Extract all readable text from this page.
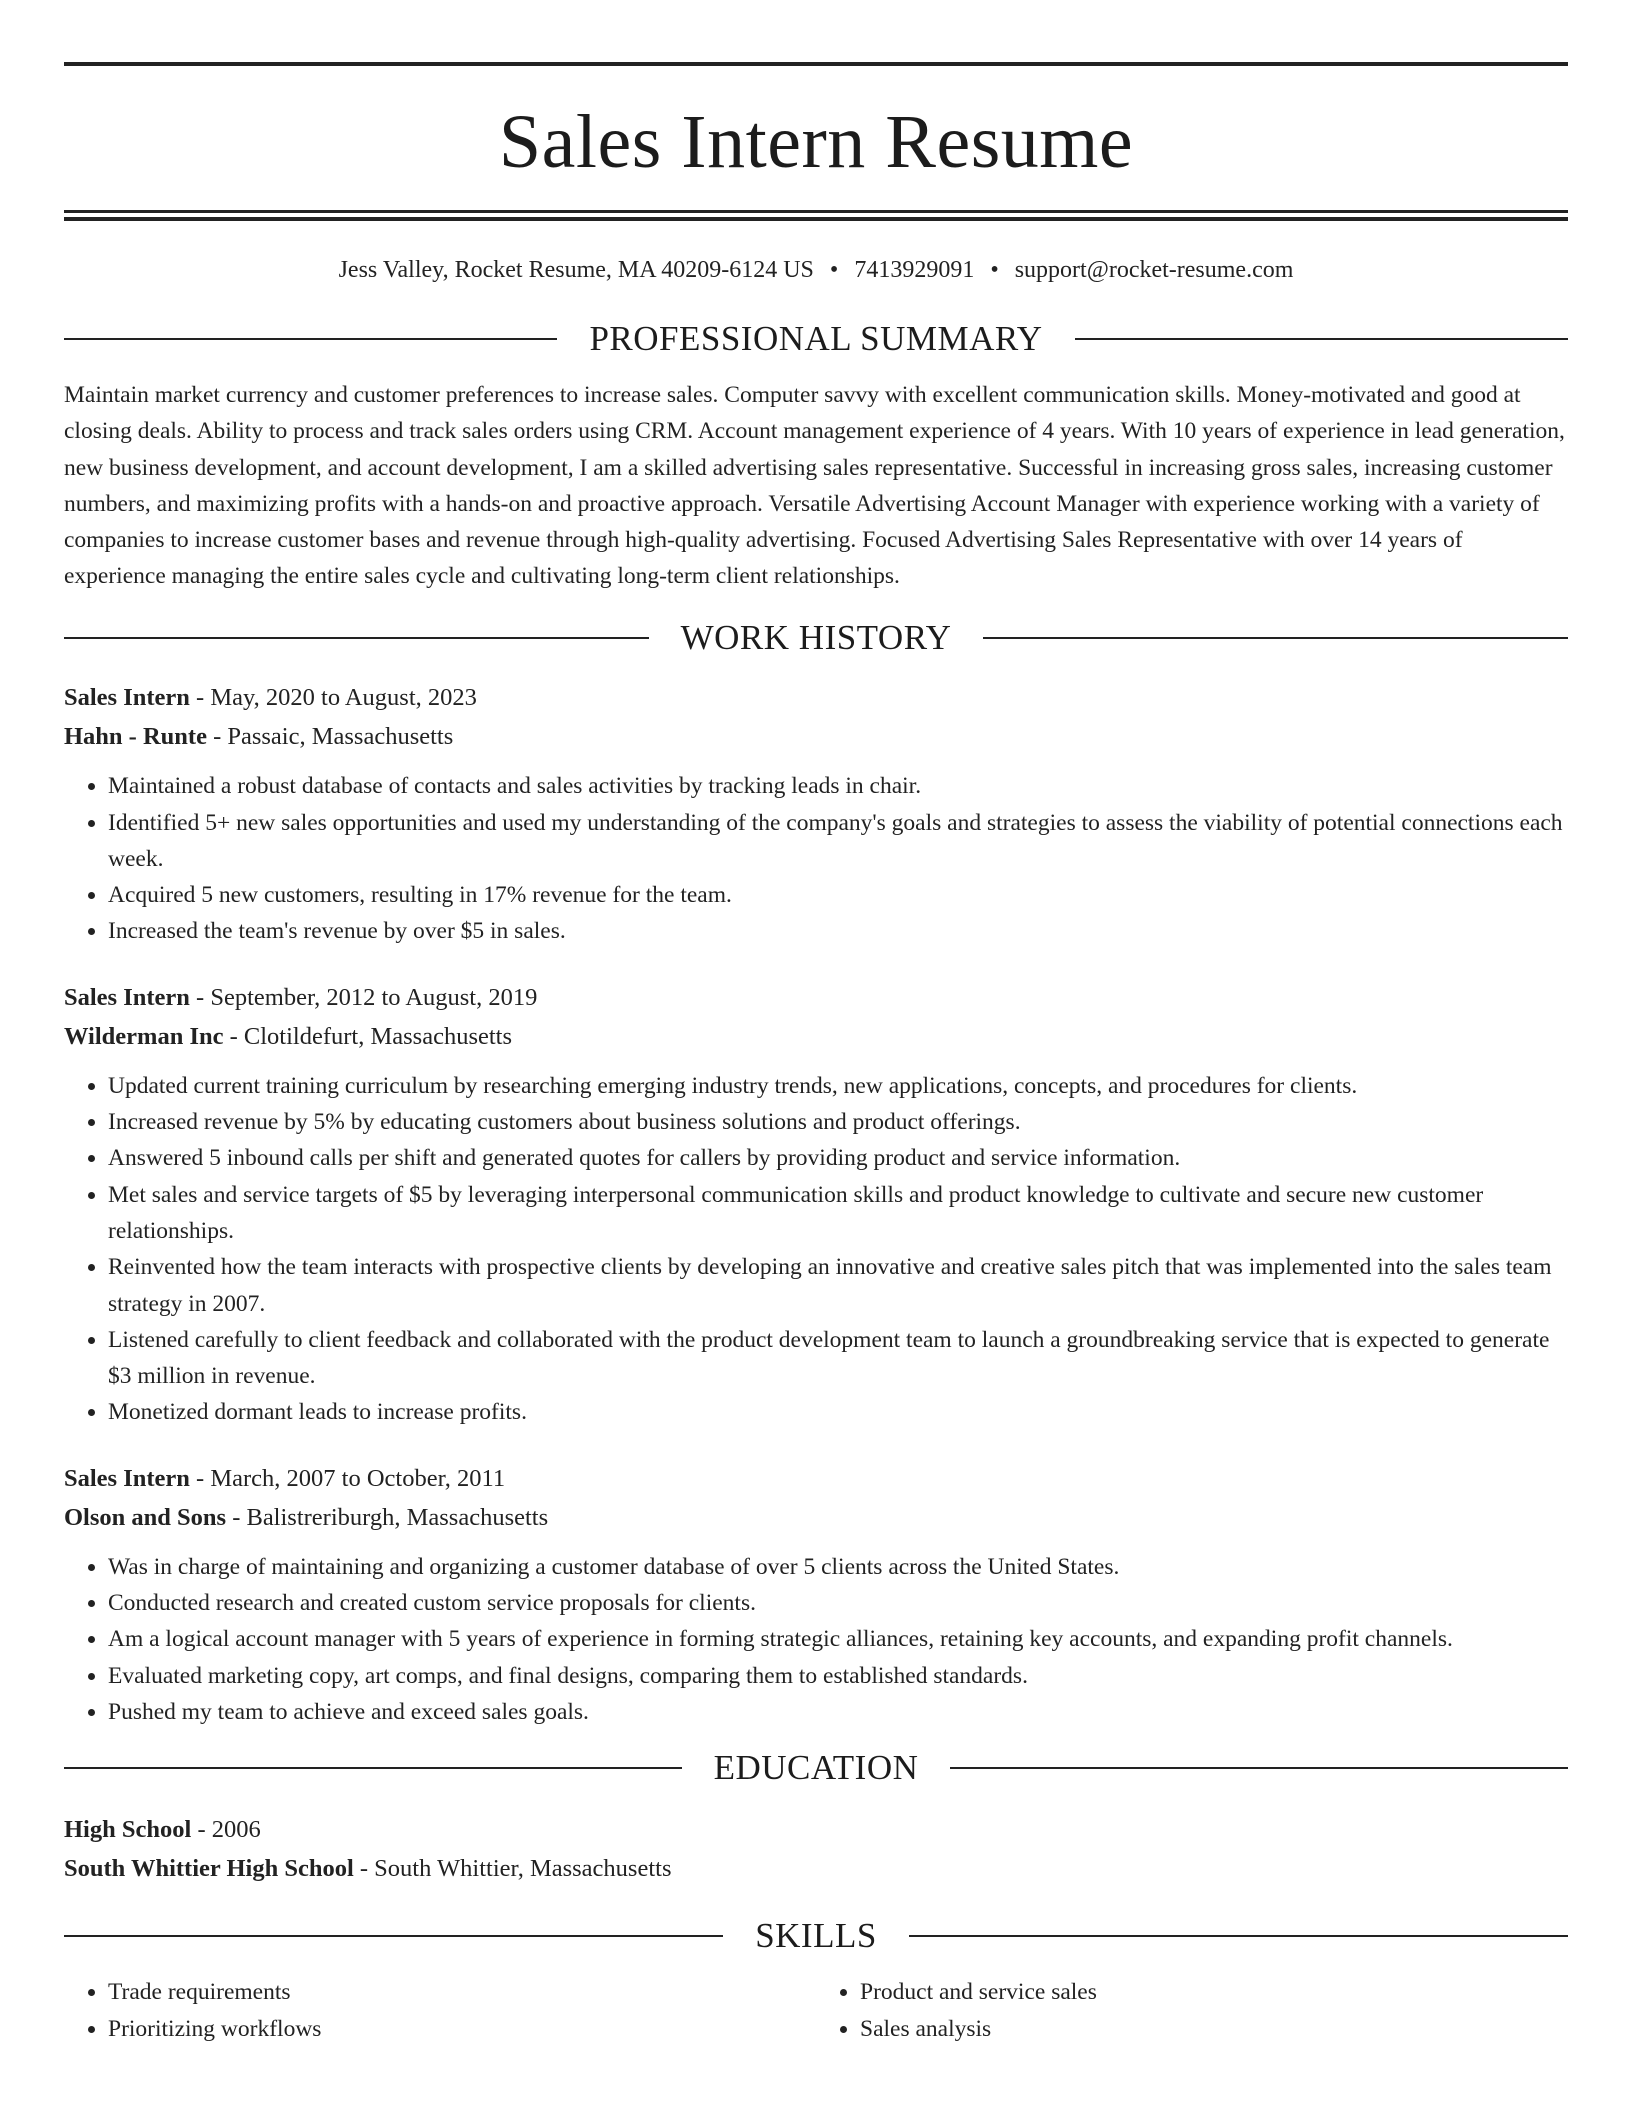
Sales Intern Resume
Jess Valley, Rocket Resume, MA 40209-6124 US • 7413929091 • support@rocket-resume.com
PROFESSIONAL SUMMARY

Maintain market currency and customer preferences to increase sales. Computer savvy with excellent communication skills. Money-motivated and good at closing deals. Ability to process and track sales orders using CRM. Account management experience of 4 years. With 10 years of experience in lead generation, new business development, and account development, I am a skilled advertising sales representative. Successful in increasing gross sales, increasing customer numbers, and maximizing profits with a hands-on and proactive approach. Versatile Advertising Account Manager with experience working with a variety of companies to increase customer bases and revenue through high-quality advertising. Focused Advertising Sales Representative with over 14 years of experience managing the entire sales cycle and cultivating long-term client relationships.

WORK HISTORY
Sales Intern - May, 2020 to August, 2023
Hahn - Runte - Passaic, Massachusetts
• Maintained a robust database of contacts and sales activities by tracking leads in chair.
• Identified 5+ new sales opportunities and used my understanding of the company's goals and strategies to assess the viability of potential connections each week.
• Acquired 5 new customers, resulting in 17% revenue for the team.
• Increased the team's revenue by over $5 in sales.
Sales Intern - September, 2012 to August, 2019
Wilderman Inc - Clotildefurt, Massachusetts
• Updated current training curriculum by researching emerging industry trends, new applications, concepts, and procedures for clients.
• Increased revenue by 5% by educating customers about business solutions and product offerings.
• Answered 5 inbound calls per shift and generated quotes for callers by providing product and service information.
• Met sales and service targets of $5 by leveraging interpersonal communication skills and product knowledge to cultivate and secure new customer relationships.
• Reinvented how the team interacts with prospective clients by developing an innovative and creative sales pitch that was implemented into the sales team strategy in 2007.
• Listened carefully to client feedback and collaborated with the product development team to launch a groundbreaking service that is expected to generate $3 million in revenue.
• Monetized dormant leads to increase profits.
Sales Intern - March, 2007 to October, 2011
Olson and Sons - Balistreriburgh, Massachusetts
• Was in charge of maintaining and organizing a customer database of over 5 clients across the United States.
• Conducted research and created custom service proposals for clients.
• Am a logical account manager with 5 years of experience in forming strategic alliances, retaining key accounts, and expanding profit channels.
• Evaluated marketing copy, art comps, and final designs, comparing them to established standards.
• Pushed my team to achieve and exceed sales goals.
EDUCATION
High School - 2006
South Whittier High School - South Whittier, Massachusetts
SKILLS
• Trade requirements
• Prioritizing workflows
• Product and service sales
• Sales analysis
